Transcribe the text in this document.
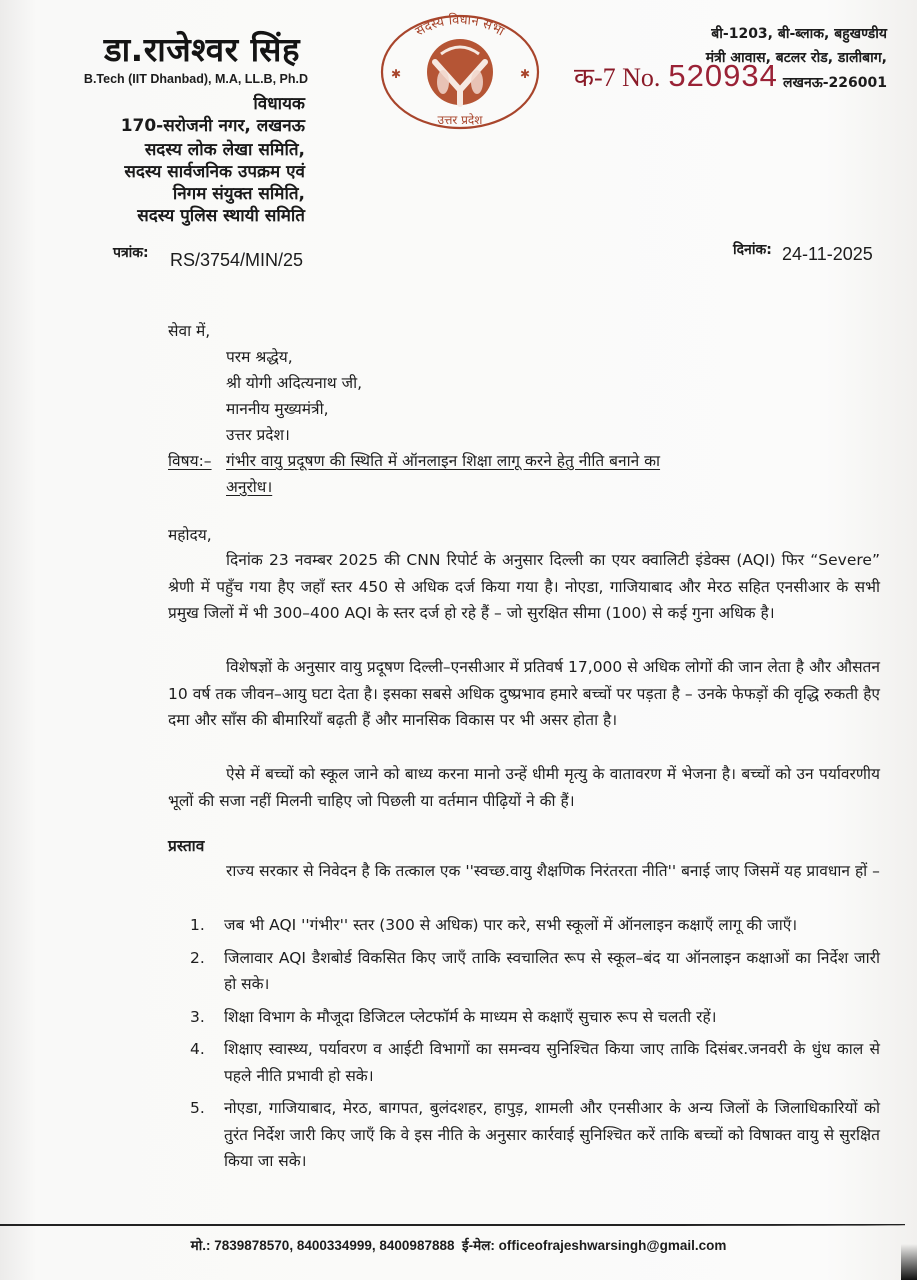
डा.राजेश्वर सिंह
B.Tech (IIT Dhanbad), M.A, LL.B, Ph.D
विधायक
170-सरोजनी नगर, लखनऊ
सदस्य लोक लेखा समिति,
सदस्य सार्वजनिक उपक्रम एवं
निगम संयुक्त समिति,
सदस्य पुलिस स्थायी समिति
सदस्य विधान सभा
उत्तर प्रदेश
✱	✱
बी-1203, बी-ब्लाक, बहुखण्डीय
मंत्री आवास, बटलर रोड, डालीबाग,
लखनऊ-226001
क-7 No. 520934
पत्रांक: RS/3754/MIN/25	दिनांक: 24-11-2025
सेवा में,
परम श्रद्धेय,
श्री योगी अदित्यनाथ जी,
माननीय मुख्यमंत्री,
उत्तर प्रदेश।
विषय:– गंभीर वायु प्रदूषण की स्थिति में ऑनलाइन शिक्षा लागू करने हेतु नीति बनाने का
अनुरोध।
महोदय,
दिनांक 23 नवम्बर 2025 की CNN रिपोर्ट के अनुसार दिल्ली का एयर क्वालिटी इंडेक्स (AQI) फिर “Severe” श्रेणी में पहुँच गया हैए जहाँ स्तर 450 से अधिक दर्ज किया गया है। नोएडा, गाजियाबाद और मेरठ सहित एनसीआर के सभी प्रमुख जिलों में भी 300–400 AQI के स्तर दर्ज हो रहे हैं – जो सुरक्षित सीमा (100) से कई गुना अधिक है।
विशेषज्ञों के अनुसार वायु प्रदूषण दिल्ली–एनसीआर में प्रतिवर्ष 17,000 से अधिक लोगों की जान लेता है और औसतन 10 वर्ष तक जीवन–आयु घटा देता है। इसका सबसे अधिक दुष्प्रभाव हमारे बच्चों पर पड़ता है – उनके फेफड़ों की वृद्धि रुकती हैए दमा और साँस की बीमारियाँ बढ़ती हैं और मानसिक विकास पर भी असर होता है।
ऐसे में बच्चों को स्कूल जाने को बाध्य करना मानो उन्हें धीमी मृत्यु के वातावरण में भेजना है। बच्चों को उन पर्यावरणीय भूलों की सजा नहीं मिलनी चाहिए जो पिछली या वर्तमान पीढ़ियों ने की हैं।
प्रस्ताव
राज्य सरकार से निवेदन है कि तत्काल एक ''स्वच्छ.वायु शैक्षणिक निरंतरता नीति'' बनाई जाए जिसमें यह प्रावधान हों –
1. जब भी AQI ''गंभीर'' स्तर (300 से अधिक) पार करे, सभी स्कूलों में ऑनलाइन कक्षाएँ लागू की जाएँ।
2. जिलावार AQI डैशबोर्ड विकसित किए जाएँ ताकि स्वचालित रूप से स्कूल–बंद या ऑनलाइन कक्षाओं का निर्देश जारी हो सके।
3. शिक्षा विभाग के मौजूदा डिजिटल प्लेटफॉर्म के माध्यम से कक्षाएँ सुचारु रूप से चलती रहें।
4. शिक्षाए स्वास्थ्य, पर्यावरण व आईटी विभागों का समन्वय सुनिश्चित किया जाए ताकि दिसंबर.जनवरी के धुंध काल से पहले नीति प्रभावी हो सके।
5. नोएडा, गाजियाबाद, मेरठ, बागपत, बुलंदशहर, हापुड़, शामली और एनसीआर के अन्य जिलों के जिलाधिकारियों को तुरंत निर्देश जारी किए जाएँ कि वे इस नीति के अनुसार कार्रवाई सुनिश्चित करें ताकि बच्चों को विषाक्त वायु से सुरक्षित किया जा सके।
मो.: 7839878570, 8400334999, 8400987888 ई-मेल: officeofrajeshwarsingh@gmail.com
